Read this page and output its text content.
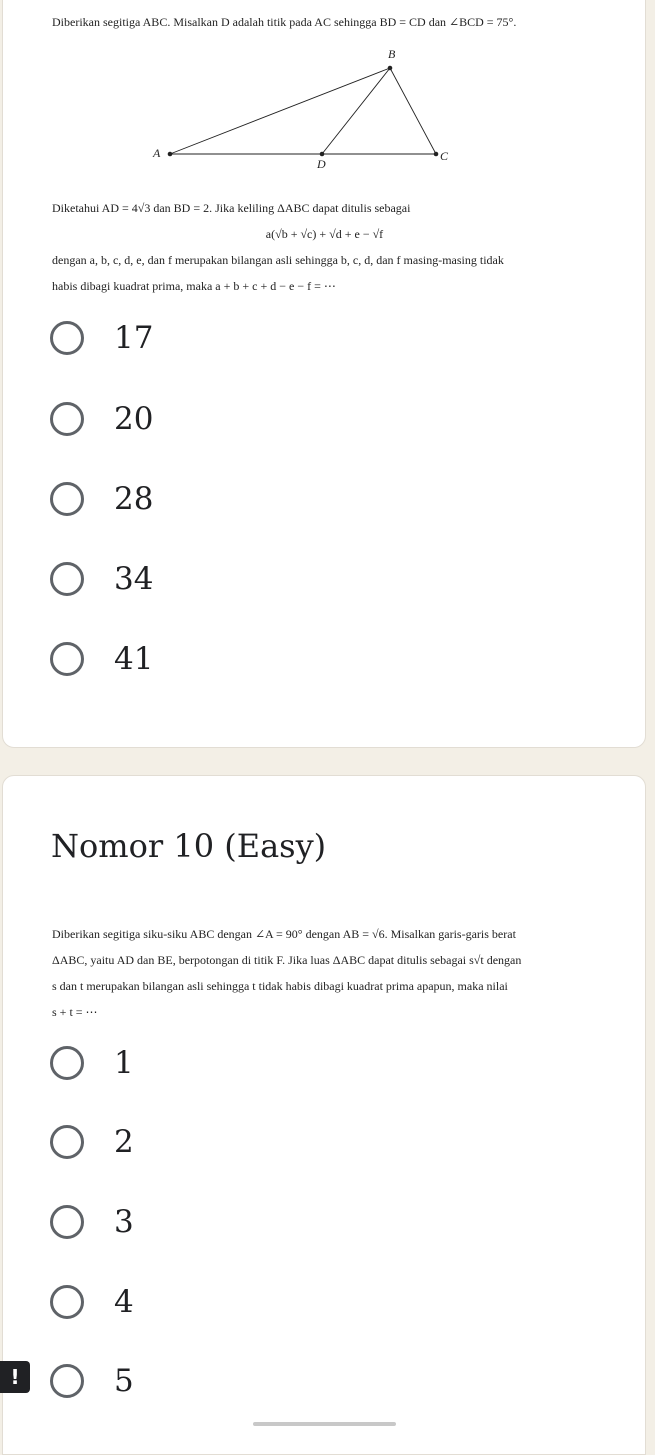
Diberikan segitiga ABC. Misalkan D adalah titik pada AC sehingga BD = CD dan ∠BCD = 75°.

A
B
C
D

Diketahui AD = 4√3 dan BD = 2. Jika keliling ΔABC dapat ditulis sebagai

a(√b + √c) + √d + e − √f

dengan a, b, c, d, e, dan f merupakan bilangan asli sehingga b, c, d, dan f masing-masing tidak

habis dibagi kuadrat prima, maka a + b + c + d − e − f = ⋯

17
20
28
34
41
Nomor 10 (Easy)

Diberikan segitiga siku-siku ABC dengan ∠A = 90° dengan AB = √6. Misalkan garis-garis berat

ΔABC, yaitu AD dan BE, berpotongan di titik F. Jika luas ΔABC dapat ditulis sebagai s√t dengan

s dan t merupakan bilangan asli sehingga t tidak habis dibagi kuadrat prima apapun, maka nilai

s + t = ⋯

1
2
3
4
5
!
